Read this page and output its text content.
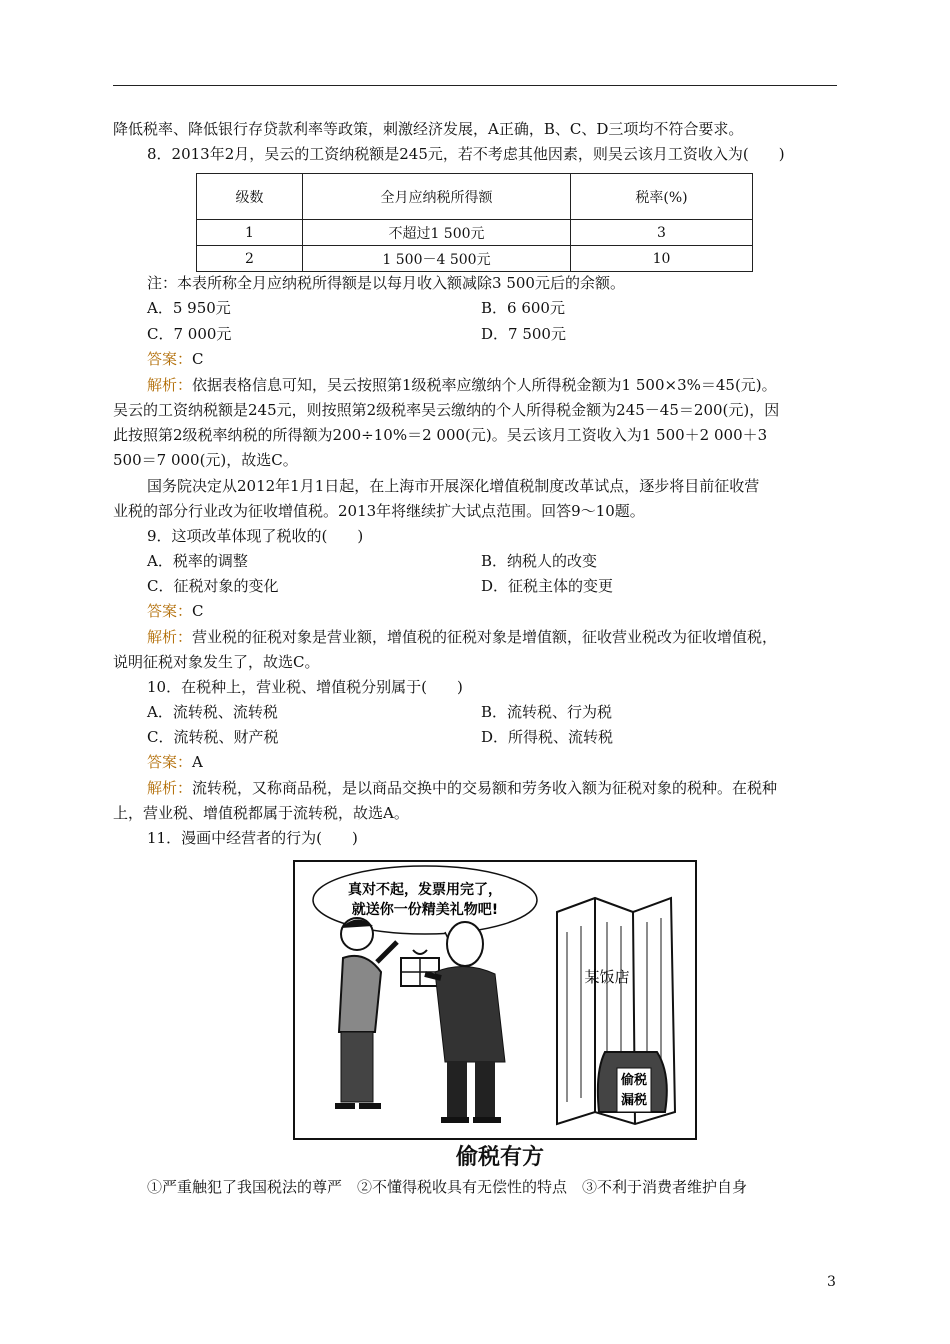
降低税率、降低银行存贷款利率等政策，刺激经济发展，A正确，B、C、D三项均不符合要求。
8．2013年2月，吴云的工资纳税额是245元，若不考虑其他因素，则吴云该月工资收入为(　　)
级数	全月应纳税所得额	税率(%)
1	不超过1 500元	3
2	1 500－4 500元	10
注：本表所称全月应纳税所得额是以每月收入额减除3 500元后的余额。
A．5 950元	B．6 600元
C．7 000元	D．7 500元
答案：C
解析：依据表格信息可知，吴云按照第1级税率应缴纳个人所得税金额为1 500×3%＝45(元)。
吴云的工资纳税额是245元，则按照第2级税率吴云缴纳的个人所得税金额为245－45＝200(元)，因
此按照第2级税率纳税的所得额为200÷10%＝2 000(元)。吴云该月工资收入为1 500＋2 000＋3
500＝7 000(元)，故选C。
国务院决定从2012年1月1日起，在上海市开展深化增值税制度改革试点，逐步将目前征收营
业税的部分行业改为征收增值税。2013年将继续扩大试点范围。回答9～10题。
9．这项改革体现了税收的(　　)
A．税率的调整	B．纳税人的改变
C．征税对象的变化	D．征税主体的变更
答案：C
解析：营业税的征税对象是营业额，增值税的征税对象是增值额，征收营业税改为征收增值税，
说明征税对象发生了，故选C。
10．在税种上，营业税、增值税分别属于(　　)
A．流转税、流转税	B．流转税、行为税
C．流转税、财产税	D．所得税、流转税
答案：A
解析：流转税，又称商品税，是以商品交换中的交易额和劳务收入额为征税对象的税种。在税种
上，营业税、增值税都属于流转税，故选A。
11．漫画中经营者的行为(　　)
真对不起，发票用完了，
就送你一份精美礼物吧!
某饭店
偷税
漏税
偷税有方
①严重触犯了我国税法的尊严　②不懂得税收具有无偿性的特点　③不利于消费者维护自身
3
